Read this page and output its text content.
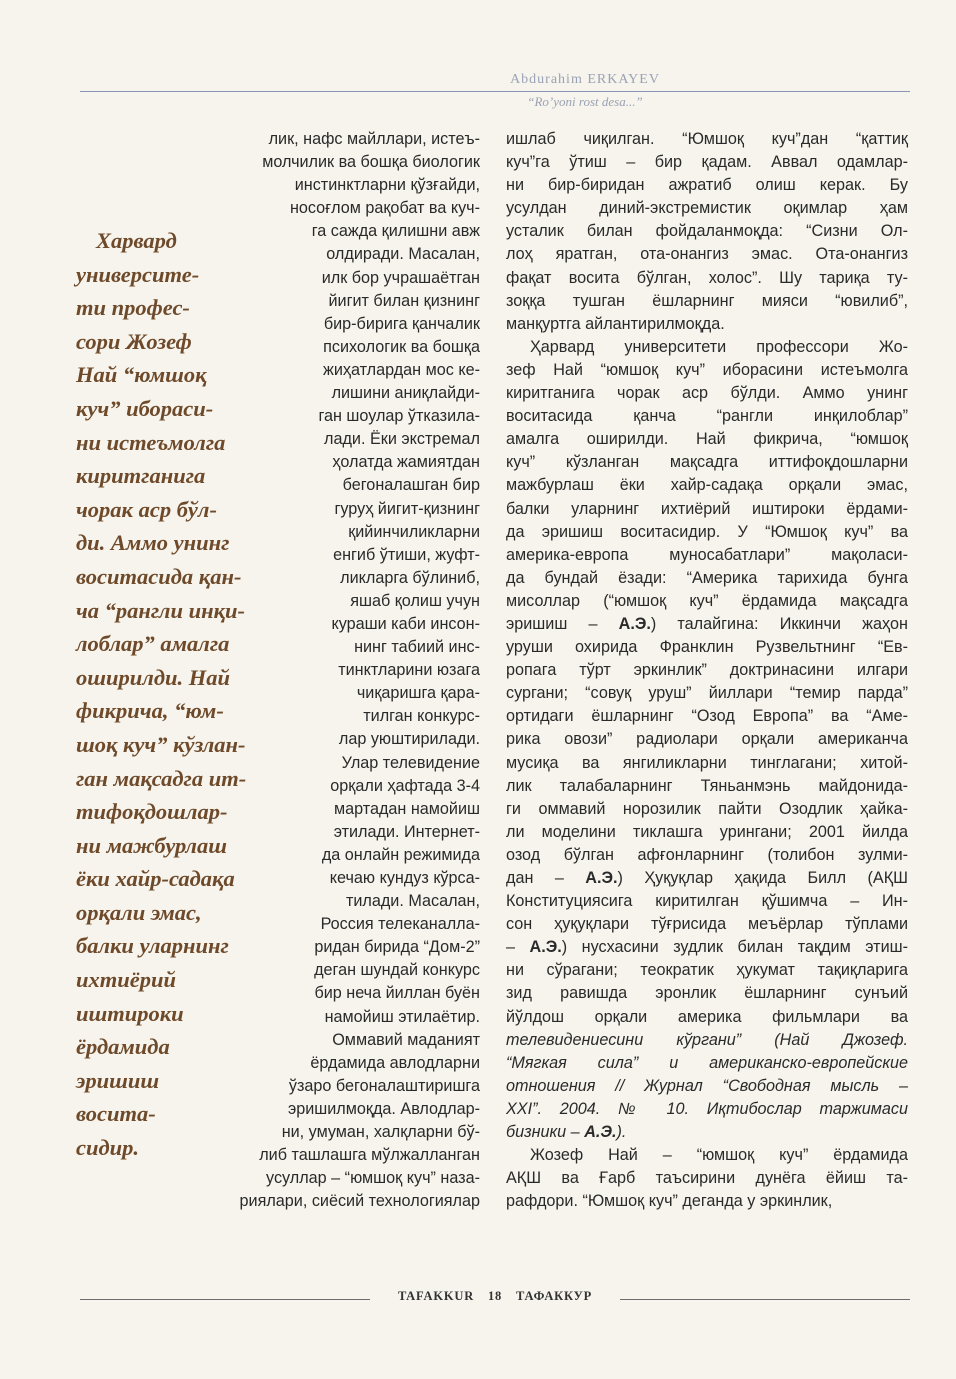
Abdurahim ERKAYEV
“Ro’yoni rost desa...”
Харвард
университе-
ти профес-
сори Жозеф
Най “юмшоқ
куч” ибораси-
ни истеъмолга
киритганига
чорак аср бўл-
ди. Аммо унинг
воситасида қан-
ча “рангли инқи-
лоблар” амалга
оширилди. Най
фикрича, “юм-
шоқ куч” кўзлан-
ган мақсадга ит-
тифоқдошлар-
ни мажбурлаш
ёки хайр-садақа
орқали эмас,
балки уларнинг
ихтиёрий
иштироки
ёрдамида
эришиш
восита-
сидир.
лик, нафс майллари, истеъ-
молчилик ва бошқа биологик
инстинктларни қўзғайди,
носоғлом рақобат ва куч-
га сажда қилишни авж
олдиради. Масалан,
илк бор учрашаётган
йигит билан қизнинг
бир-бирига қанчалик
психологик ва бошқа
жиҳатлардан мос ке-
лишини аниқлайди-
ган шоулар ўтказила-
лади. Ёки экстремал
ҳолатда жамиятдан
бегоналашган бир
гуруҳ йигит-қизнинг
қийинчиликларни
енгиб ўтиши, жуфт-
ликларга бўлиниб,
яшаб қолиш учун
кураши каби инсон-
нинг табиий инс-
тинктларини юзага
чиқаришга қара-
тилган конкурс-
лар уюштирилади.
Улар телевидение
орқали ҳафтада 3-4
мартадан намойиш
этилади. Интернет-
да онлайн режимида
кечаю кундуз кўрса-
тилади. Масалан,
Россия телеканалла-
ридан бирида “Дом-2”
деган шундай конкурс
бир неча йиллан буён
намойиш этилаётир.
Оммавий маданият
ёрдамида авлодларни
ўзаро бегоналаштиришга
эришилмоқда. Авлодлар-
ни, умуман, халқларни бў-
либ ташлашга мўлжалланган
усуллар – “юмшоқ куч” наза-
риялари, сиёсий технологиялар
ишлаб чиқилган. “Юмшоқ куч”дан “қаттиқ
куч”га ўтиш – бир қадам. Аввал одамлар-
ни бир-биридан ажратиб олиш керак. Бу
усулдан диний-экстремистик оқимлар ҳам
усталик билан фойдаланмоқда: “Сизни Ол-
лоҳ яратган, ота-онангиз эмас. Ота-онангиз
фақат восита бўлган, холос”. Шу тариқа ту-
зоққа тушган ёшларнинг мияси “ювилиб”,
манқуртга айлантирилмоқда.
Ҳарвард университети профессори Жо-
зеф Най “юмшоқ куч” иборасини истеъмолга
киритганига чорак аср бўлди. Аммо унинг
воситасида қанча “рангли инқилоблар”
амалга оширилди. Най фикрича, “юмшоқ
куч” кўзланган мақсадга иттифоқдошларни
мажбурлаш ёки хайр-садақа орқали эмас,
балки уларнинг ихтиёрий иштироки ёрдами-
да эришиш воситасидир. У “Юмшоқ куч” ва
америка-европа муносабатлари” мақоласи-
да бундай ёзади: “Америка тарихида бунга
мисоллар (“юмшоқ куч” ёрдамида мақсадга
эришиш – А.Э.) талайгина: Иккинчи жаҳон
уруши охирида Франклин Рузвельтнинг “Ев-
ропага тўрт эркинлик” доктринасини илгари
сургани; “совуқ уруш” йиллари “темир парда”
ортидаги ёшларнинг “Озод Европа” ва “Аме-
рика овози” радиолари орқали американча
мусиқа ва янгиликларни тинглагани; хитой-
лик талабаларнинг Тяньанмэнь майдонида-
ги оммавий норозилик пайти Озодлик ҳайка-
ли моделини тиклашга урингани; 2001 йилда
озод бўлган афғонларнинг (толибон зулми-
дан – А.Э.) Ҳуқуқлар ҳақида Билл (АҚШ
Конституциясига киритилган қўшимча – Ин-
сон ҳуқуқлари тўғрисида меъёрлар тўплами
– А.Э.) нусхасини зудлик билан тақдим этиш-
ни сўрагани; теократик ҳукумат тақиқларига
зид равишда эронлик ёшларнинг сунъий
йўлдош орқали америка фильмлари ва
телевидениесини кўргани” (Най Джозеф.
“Мягкая сила” и американско-европейские
отношения // Журнал “Свободная мысль –
XXI”. 2004. № 10. Иқтибослар таржимаси
бизники – А.Э.).
Жозеф Най – “юмшоқ куч” ёрдамида
АҚШ ва Ғарб таъсирини дунёга ёйиш та-
рафдори. “Юмшоқ куч” деганда у эркинлик,
TAFAKKUR 18 ТАФАККУР
